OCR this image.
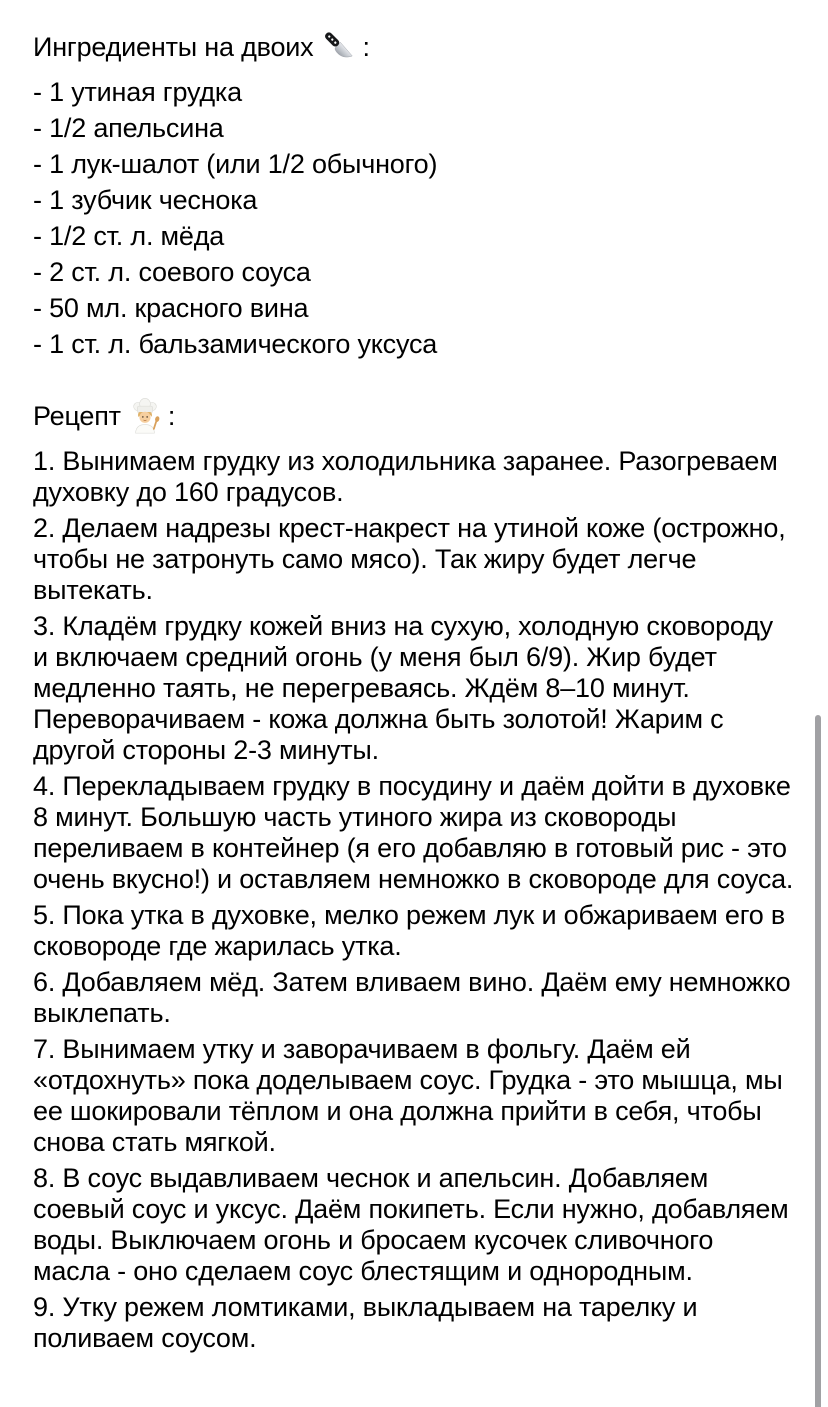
Ингредиенты на двоих :

- 1 утиная грудка

- 1/2 апельсина

- 1 лук-шалот (или 1/2 обычного)

- 1 зубчик чеснока

- 1/2 ст. л. мёда

- 2 ст. л. соевого соуса

- 50 мл. красного вина

- 1 ст. л. бальзамического уксуса

Рецепт :

1. Вынимаем грудку из холодильника заранее. Разогреваем духовку до 160 градусов.

2. Делаем надрезы крест-накрест на утиной коже (острожно, чтобы не затронуть само мясо). Так жиру будет легче вытекать.

3. Кладём грудку кожей вниз на сухую, холодную сковороду и включаем средний огонь (у меня был 6/9). Жир будет медленно таять, не перегреваясь. Ждём 8–10 минут. Переворачиваем - кожа должна быть золотой! Жарим с другой стороны 2-3 минуты.

4. Перекладываем грудку в посудину и даём дойти в духовке 8 минут. Большую часть утиного жира из сковороды переливаем в контейнер (я его добавляю в готовый рис - это очень вкусно!) и оставляем немножко в сковороде для соуса.

5. Пока утка в духовке, мелко режем лук и обжариваем его в сковороде где жарилась утка.

6. Добавляем мёд. Затем вливаем вино. Даём ему немножко выклепать.

7. Вынимаем утку и заворачиваем в фольгу. Даём ей «отдохнуть» пока доделываем соус. Грудка - это мышца, мы ее шокировали тёплом и она должна прийти в себя, чтобы снова стать мягкой.

8. В соус выдавливаем чеснок и апельсин. Добавляем соевый соус и уксус. Даём покипеть. Если нужно, добавляем воды. Выключаем огонь и бросаем кусочек сливочного масла - оно сделаем соус блестящим и однородным.

9. Утку режем ломтиками, выкладываем на тарелку и поливаем соусом.
